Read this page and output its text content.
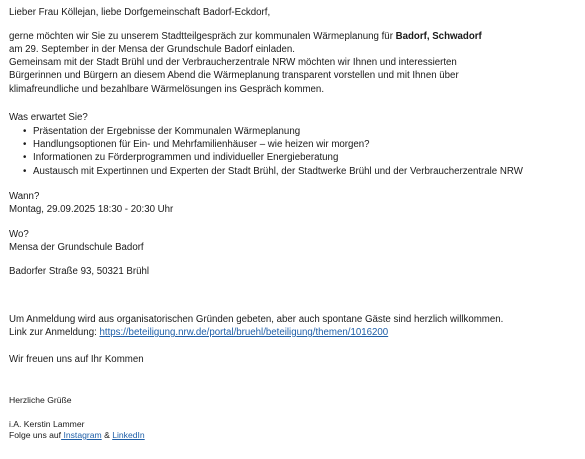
Lieber Frau Köllejan, liebe Dorfgemeinschaft Badorf-Eckdorf,
gerne möchten wir Sie zu unserem Stadtteilgespräch zur kommunalen Wärmeplanung für Badorf, Schwadorf
am 29. September in der Mensa der Grundschule Badorf einladen.
Gemeinsam mit der Stadt Brühl und der Verbraucherzentrale NRW möchten wir Ihnen und interessierten
Bürgerinnen und Bürgern an diesem Abend die Wärmeplanung transparent vorstellen und mit Ihnen über
klimafreundliche und bezahlbare Wärmelösungen ins Gespräch kommen.
Was erwartet Sie?
• Präsentation der Ergebnisse der Kommunalen Wärmeplanung
• Handlungsoptionen für Ein- und Mehrfamilienhäuser – wie heizen wir morgen?
• Informationen zu Förderprogrammen und individueller Energieberatung
• Austausch mit Expertinnen und Experten der Stadt Brühl, der Stadtwerke Brühl und der Verbraucherzentrale NRW
Wann?
Montag, 29.09.2025 18:30 - 20:30 Uhr
Wo?
Mensa der Grundschule Badorf
Badorfer Straße 93, 50321 Brühl
Um Anmeldung wird aus organisatorischen Gründen gebeten, aber auch spontane Gäste sind herzlich willkommen.
Link zur Anmeldung: https://beteiligung.nrw.de/portal/bruehl/beteiligung/themen/1016200
Wir freuen uns auf Ihr Kommen
Herzliche Grüße
i.A. Kerstin Lammer
Folge uns auf Instagram & LinkedIn
